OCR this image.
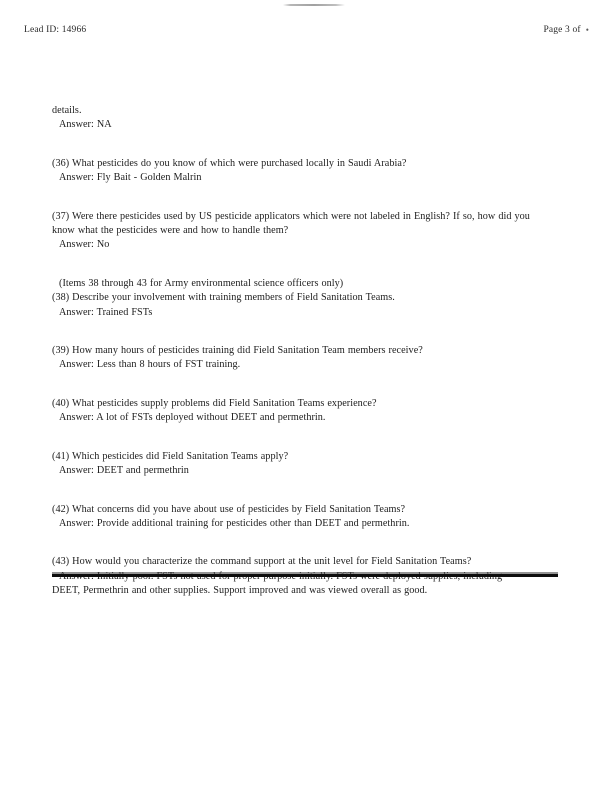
Lead ID: 14966	Page 3 of •

details.

Answer: NA

(36) What pesticides do you know of which were purchased locally in Saudi Arabia?

Answer: Fly Bait - Golden Malrin

(37) Were there pesticides used by US pesticide applicators which were not labeled in English? If so, how did you

know what the pesticides were and how to handle them?

Answer: No

(Items 38 through 43 for Army environmental science officers only)

(38) Describe your involvement with training members of Field Sanitation Teams.

Answer: Trained FSTs

(39) How many hours of pesticides training did Field Sanitation Team members receive?

Answer: Less than 8 hours of FST training.

(40) What pesticides supply problems did Field Sanitation Teams experience?

Answer: A lot of FSTs deployed without DEET and permethrin.

(41) Which pesticides did Field Sanitation Teams apply?

Answer: DEET and permethrin

(42) What concerns did you have about use of pesticides by Field Sanitation Teams?

Answer: Provide additional training for pesticides other than DEET and permethrin.

(43) How would you characterize the command support at the unit level for Field Sanitation Teams?

DEET, Permethrin and other supplies. Support improved and was viewed overall as good.
